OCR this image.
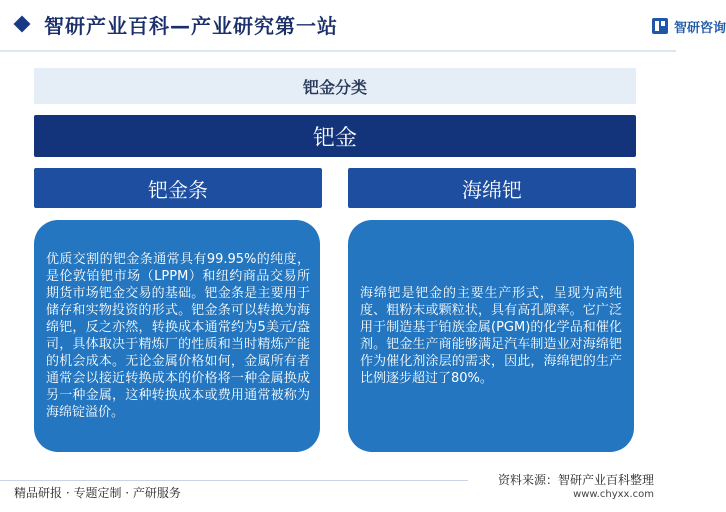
智研产业百科—产业研究第一站	智研咨询
钯金分类
钯金
钯金条	海绵钯
优质交割的钯金条通常具有99.95%的纯度，是伦敦铂钯市场（LPPM）和纽约商品交易所期货市场钯金交易的基础。钯金条是主要用于储存和实物投资的形式。钯金条可以转换为海绵钯，反之亦然，转换成本通常约为5美元/盎司，具体取决于精炼厂的性质和当时精炼产能的机会成本。无论金属价格如何，金属所有者通常会以接近转换成本的价格将一种金属换成另一种金属，这种转换成本或费用通常被称为海绵锭溢价。
海绵钯是钯金的主要生产形式，呈现为高纯度、粗粉末或颗粒状，具有高孔隙率。它广泛用于制造基于铂族金属(PGM)的化学品和催化剂。钯金生产商能够满足汽车制造业对海绵钯作为催化剂涂层的需求，因此，海绵钯的生产比例逐步超过了80%。
精品研报 · 专题定制 · 产研服务
资料来源：智研产业百科整理
www.chyxx.com
